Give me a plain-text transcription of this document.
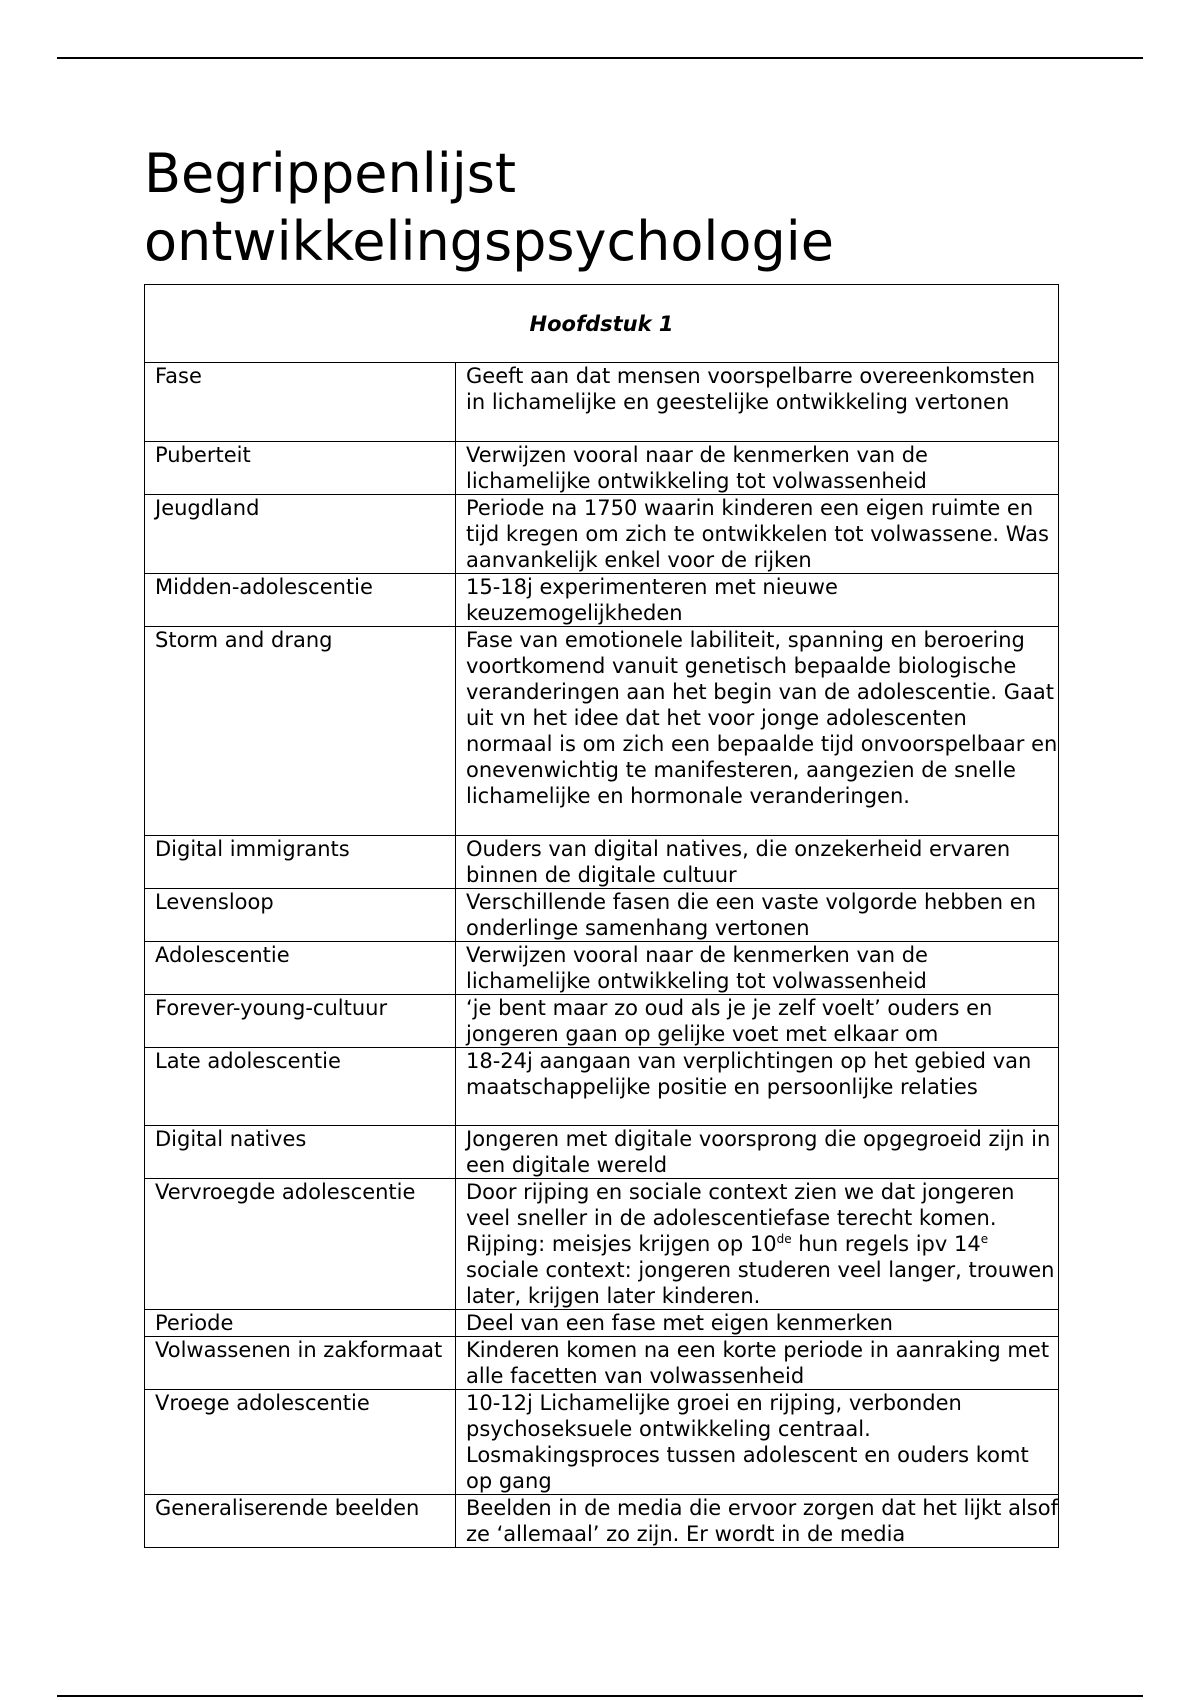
Begrippenlijst ontwikkelingspsychologie
Hoofdstuk 1	
Fase	Geeft aan dat mensen voorspelbarre overeenkomsten in lichamelijke en geestelijke ontwikkeling vertonen
Puberteit	Verwijzen vooral naar de kenmerken van de lichamelijke ontwikkeling tot volwassenheid
Jeugdland	Periode na 1750 waarin kinderen een eigen ruimte en tijd kregen om zich te ontwikkelen tot volwassene. Was aanvankelijk enkel voor de rijken
Midden-adolescentie	15-18j experimenteren met nieuwe keuzemogelijkheden
Storm and drang	Fase van emotionele labiliteit, spanning en beroering voortkomend vanuit genetisch bepaalde biologische veranderingen aan het begin van de adolescentie. Gaat uit vn het idee dat het voor jonge adolescenten normaal is om zich een bepaalde tijd onvoorspelbaar en onevenwichtig te manifesteren, aangezien de snelle lichamelijke en hormonale veranderingen.
Digital immigrants	Ouders van digital natives, die onzekerheid ervaren binnen de digitale cultuur
Levensloop	Verschillende fasen die een vaste volgorde hebben en onderlinge samenhang vertonen
Adolescentie	Verwijzen vooral naar de kenmerken van de lichamelijke ontwikkeling tot volwassenheid
Forever-young-cultuur	‘je bent maar zo oud als je je zelf voelt’ ouders en jongeren gaan op gelijke voet met elkaar om
Late adolescentie	18-24j aangaan van verplichtingen op het gebied van maatschappelijke positie en persoonlijke relaties
Digital natives	Jongeren met digitale voorsprong die opgegroeid zijn in een digitale wereld
Vervroegde adolescentie	Door rijping en sociale context zien we dat jongeren veel sneller in de adolescentiefase terecht komen. Rijping: meisjes krijgen op 10de hun regels ipv 14e sociale context: jongeren studeren veel langer, trouwen later, krijgen later kinderen.
Periode	Deel van een fase met eigen kenmerken
Volwassenen in zakformaat	Kinderen komen na een korte periode in aanraking met alle facetten van volwassenheid
Vroege adolescentie	10-12j Lichamelijke groei en rijping, verbonden psychoseksuele ontwikkeling centraal. Losmakingsproces tussen adolescent en ouders komt op gang
Generaliserende beelden	Beelden in de media die ervoor zorgen dat het lijkt alsof ze ‘allemaal’ zo zijn. Er wordt in de media
